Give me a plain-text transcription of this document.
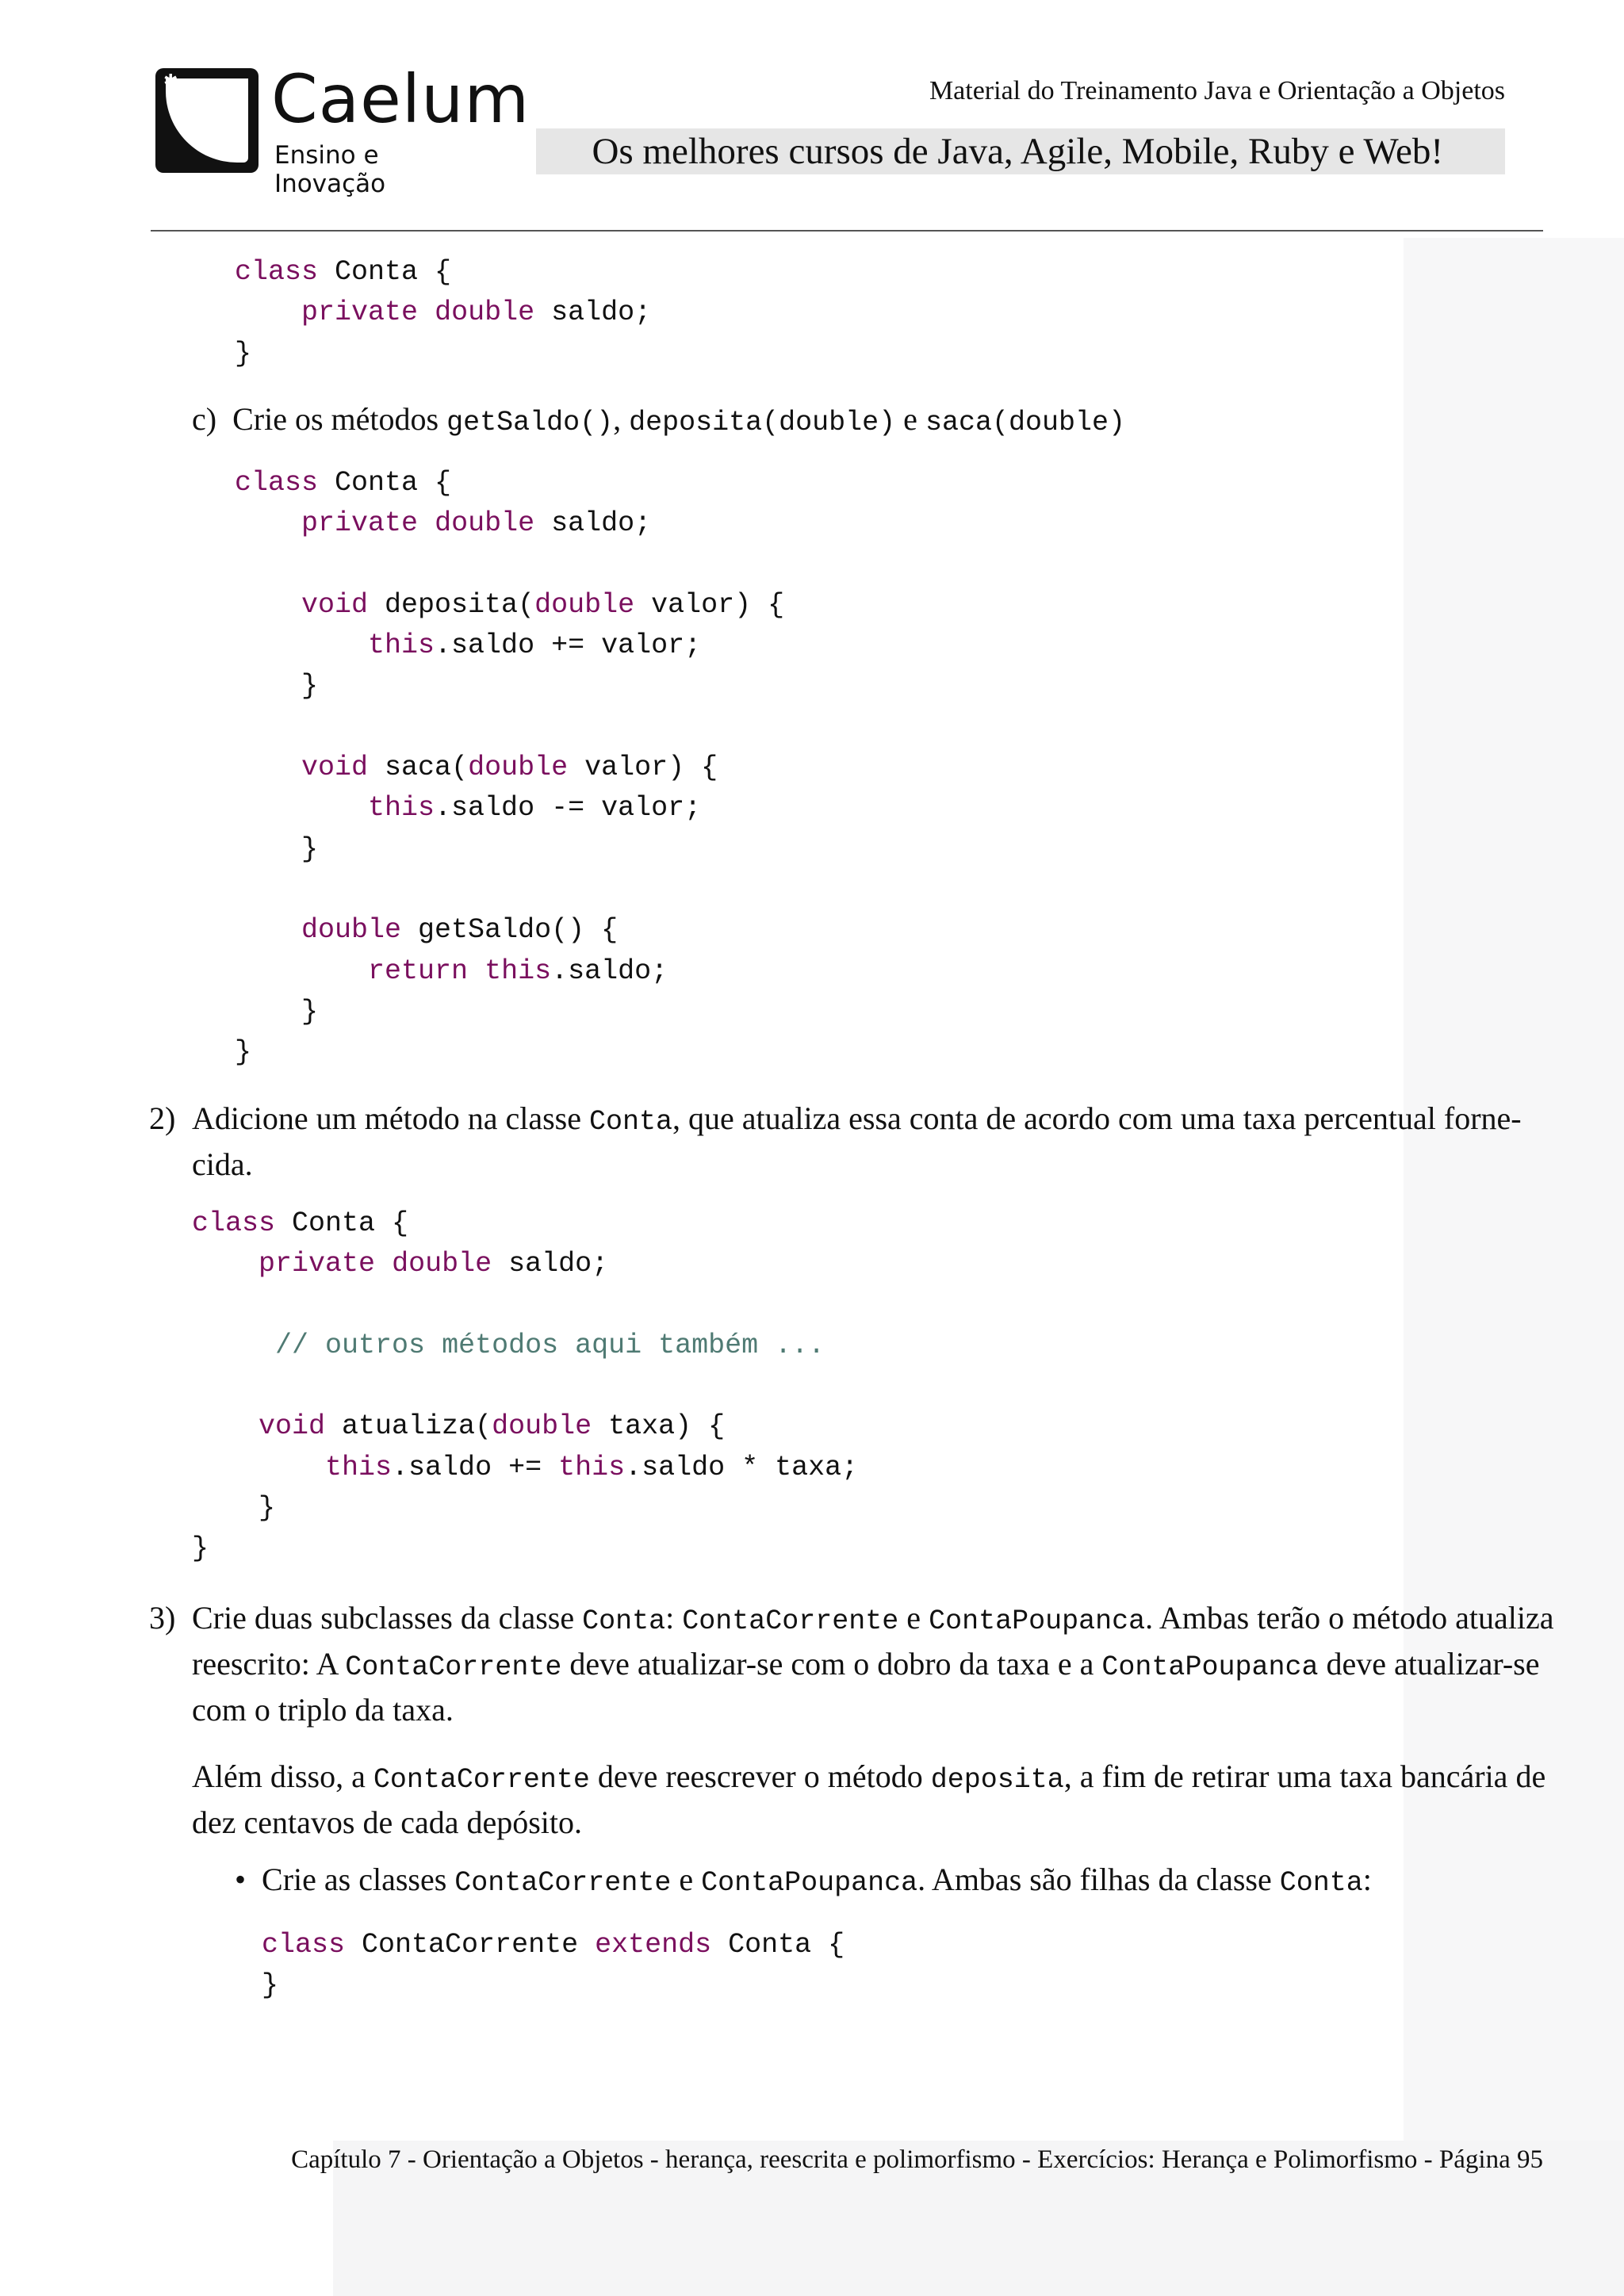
✱ Caelum
Ensino e Inovação
Material do Treinamento Java e Orientação a Objetos
Os melhores cursos de Java, Agile, Mobile, Ruby e Web!
class Conta {
private double saldo;
}
c) Crie os métodos getSaldo(), deposita(double) e saca(double)
class Conta {
private double saldo;

void deposita(double valor) {
this.saldo += valor;
}

void saca(double valor) {
this.saldo -= valor;
}

double getSaldo() {
return this.saldo;
}
}
2) Adicione um método na classe Conta, que atualiza essa conta de acordo com uma taxa percentual forne-
cida.
class Conta {
private double saldo;

// outros métodos aqui também ...

void atualiza(double taxa) {
this.saldo += this.saldo * taxa;
}
}
3) Crie duas subclasses da classe Conta: ContaCorrente e ContaPoupanca. Ambas terão o método atualiza
reescrito: A ContaCorrente deve atualizar-se com o dobro da taxa e a ContaPoupanca deve atualizar-se
com o triplo da taxa.
Além disso, a ContaCorrente deve reescrever o método deposita, a fim de retirar uma taxa bancária de
dez centavos de cada depósito.
• Crie as classes ContaCorrente e ContaPoupanca. Ambas são filhas da classe Conta:
class ContaCorrente extends Conta {
}
Capítulo 7 - Orientação a Objetos - herança, reescrita e polimorfismo - Exercícios: Herança e Polimorfismo - Página 95
